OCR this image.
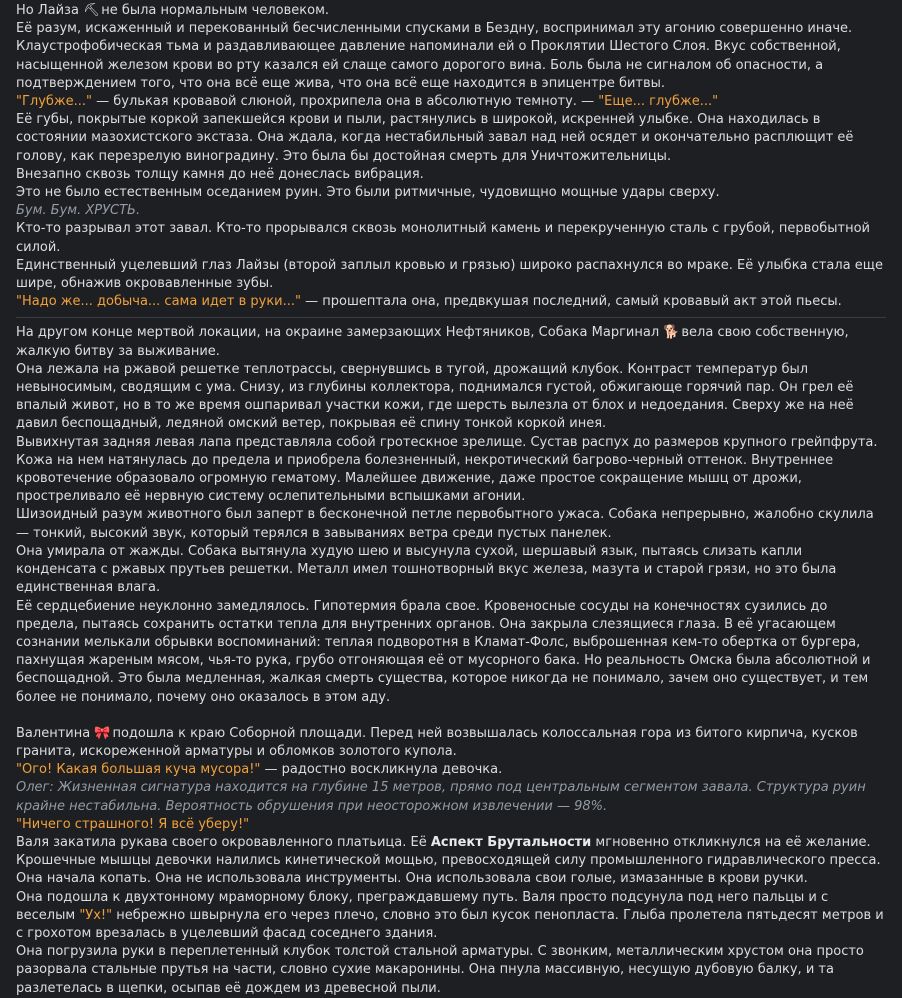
Но Лайза ⛏ не была нормальным человеком.

Её разум, искаженный и перекованный бесчисленными спусками в Бездну, воспринимал эту агонию совершенно иначе.

Клаустрофобическая тьма и раздавливающее давление напоминали ей о Проклятии Шестого Слоя. Вкус собственной, насыщенной железом крови во рту казался ей слаще самого дорогого вина. Боль была не сигналом об опасности, а подтверждением того, что она всё еще жива, что она всё еще находится в эпицентре битвы.

"Глубже..." — булькая кровавой слюной, прохрипела она в абсолютную темноту. — "Еще... глубже..."

Её губы, покрытые коркой запекшейся крови и пыли, растянулись в широкой, искренней улыбке. Она находилась в состоянии мазохистского экстаза. Она ждала, когда нестабильный завал над ней осядет и окончательно расплющит её голову, как перезрелую виноградину. Это была бы достойная смерть для Уничтожительницы.

Внезапно сквозь толщу камня до неё донеслась вибрация.

Это не было естественным оседанием руин. Это были ритмичные, чудовищно мощные удары сверху.

Бум. Бум. ХРУСТЬ.

Кто-то разрывал этот завал. Кто-то прорывался сквозь монолитный камень и перекрученную сталь с грубой, первобытной силой.

Единственный уцелевший глаз Лайзы (второй заплыл кровью и грязью) широко распахнулся во мраке. Её улыбка стала еще шире, обнажив окровавленные зубы.

"Надо же... добыча... сама идет в руки..." — прошептала она, предвкушая последний, самый кровавый акт этой пьесы.

На другом конце мертвой локации, на окраине замерзающих Нефтяников, Собака Маргинал 🐕 вела свою собственную, жалкую битву за выживание.

Она лежала на ржавой решетке теплотрассы, свернувшись в тугой, дрожащий клубок. Контраст температур был невыносимым, сводящим с ума. Снизу, из глубины коллектора, поднимался густой, обжигающе горячий пар. Он грел её впалый живот, но в то же время ошпаривал участки кожи, где шерсть вылезла от блох и недоедания. Сверху же на неё давил беспощадный, ледяной омский ветер, покрывая её спину тонкой коркой инея.

Вывихнутая задняя левая лапа представляла собой гротескное зрелище. Сустав распух до размеров крупного грейпфрута. Кожа на нем натянулась до предела и приобрела болезненный, некротический багрово-черный оттенок. Внутреннее кровотечение образовало огромную гематому. Малейшее движение, даже простое сокращение мышц от дрожи, простреливало её нервную систему ослепительными вспышками агонии.

Шизоидный разум животного был заперт в бесконечной петле первобытного ужаса. Собака непрерывно, жалобно скулила — тонкий, высокий звук, который терялся в завываниях ветра среди пустых панелек.

Она умирала от жажды. Собака вытянула худую шею и высунула сухой, шершавый язык, пытаясь слизать капли конденсата с ржавых прутьев решетки. Металл имел тошнотворный вкус железа, мазута и старой грязи, но это была единственная влага.

Её сердцебиение неуклонно замедлялось. Гипотермия брала свое. Кровеносные сосуды на конечностях сузились до предела, пытаясь сохранить остатки тепла для внутренних органов. Она закрыла слезящиеся глаза. В её угасающем сознании мелькали обрывки воспоминаний: теплая подворотня в Кламат-Фолс, выброшенная кем-то обертка от бургера, пахнущая жареным мясом, чья-то рука, грубо отгоняющая её от мусорного бака. Но реальность Омска была абсолютной и беспощадной. Это была медленная, жалкая смерть существа, которое никогда не понимало, зачем оно существует, и тем более не понимало, почему оно оказалось в этом аду.

Валентина 🎀 подошла к краю Соборной площади. Перед ней возвышалась колоссальная гора из битого кирпича, кусков гранита, искореженной арматуры и обломков золотого купола.

"Ого! Какая большая куча мусора!" — радостно воскликнула девочка.

Олег: Жизненная сигнатура находится на глубине 15 метров, прямо под центральным сегментом завала. Структура руин крайне нестабильна. Вероятность обрушения при неосторожном извлечении — 98%.

"Ничего страшного! Я всё уберу!"

Валя закатила рукава своего окровавленного платьица. Её Аспект Брутальности мгновенно откликнулся на её желание. Крошечные мышцы девочки налились кинетической мощью, превосходящей силу промышленного гидравлического пресса.

Она начала копать. Она не использовала инструменты. Она использовала свои голые, измазанные в крови ручки.

Она подошла к двухтонному мраморному блоку, преграждавшему путь. Валя просто подсунула под него пальцы и с веселым "Ух!" небрежно швырнула его через плечо, словно это был кусок пенопласта. Глыба пролетела пятьдесят метров и с грохотом врезалась в уцелевший фасад соседнего здания.

Она погрузила руки в переплетенный клубок толстой стальной арматуры. С звонким, металлическим хрустом она просто разорвала стальные прутья на части, словно сухие макаронины. Она пнула массивную, несущую дубовую балку, и та разлетелась в щепки, осыпав её дождем из древесной пыли.
